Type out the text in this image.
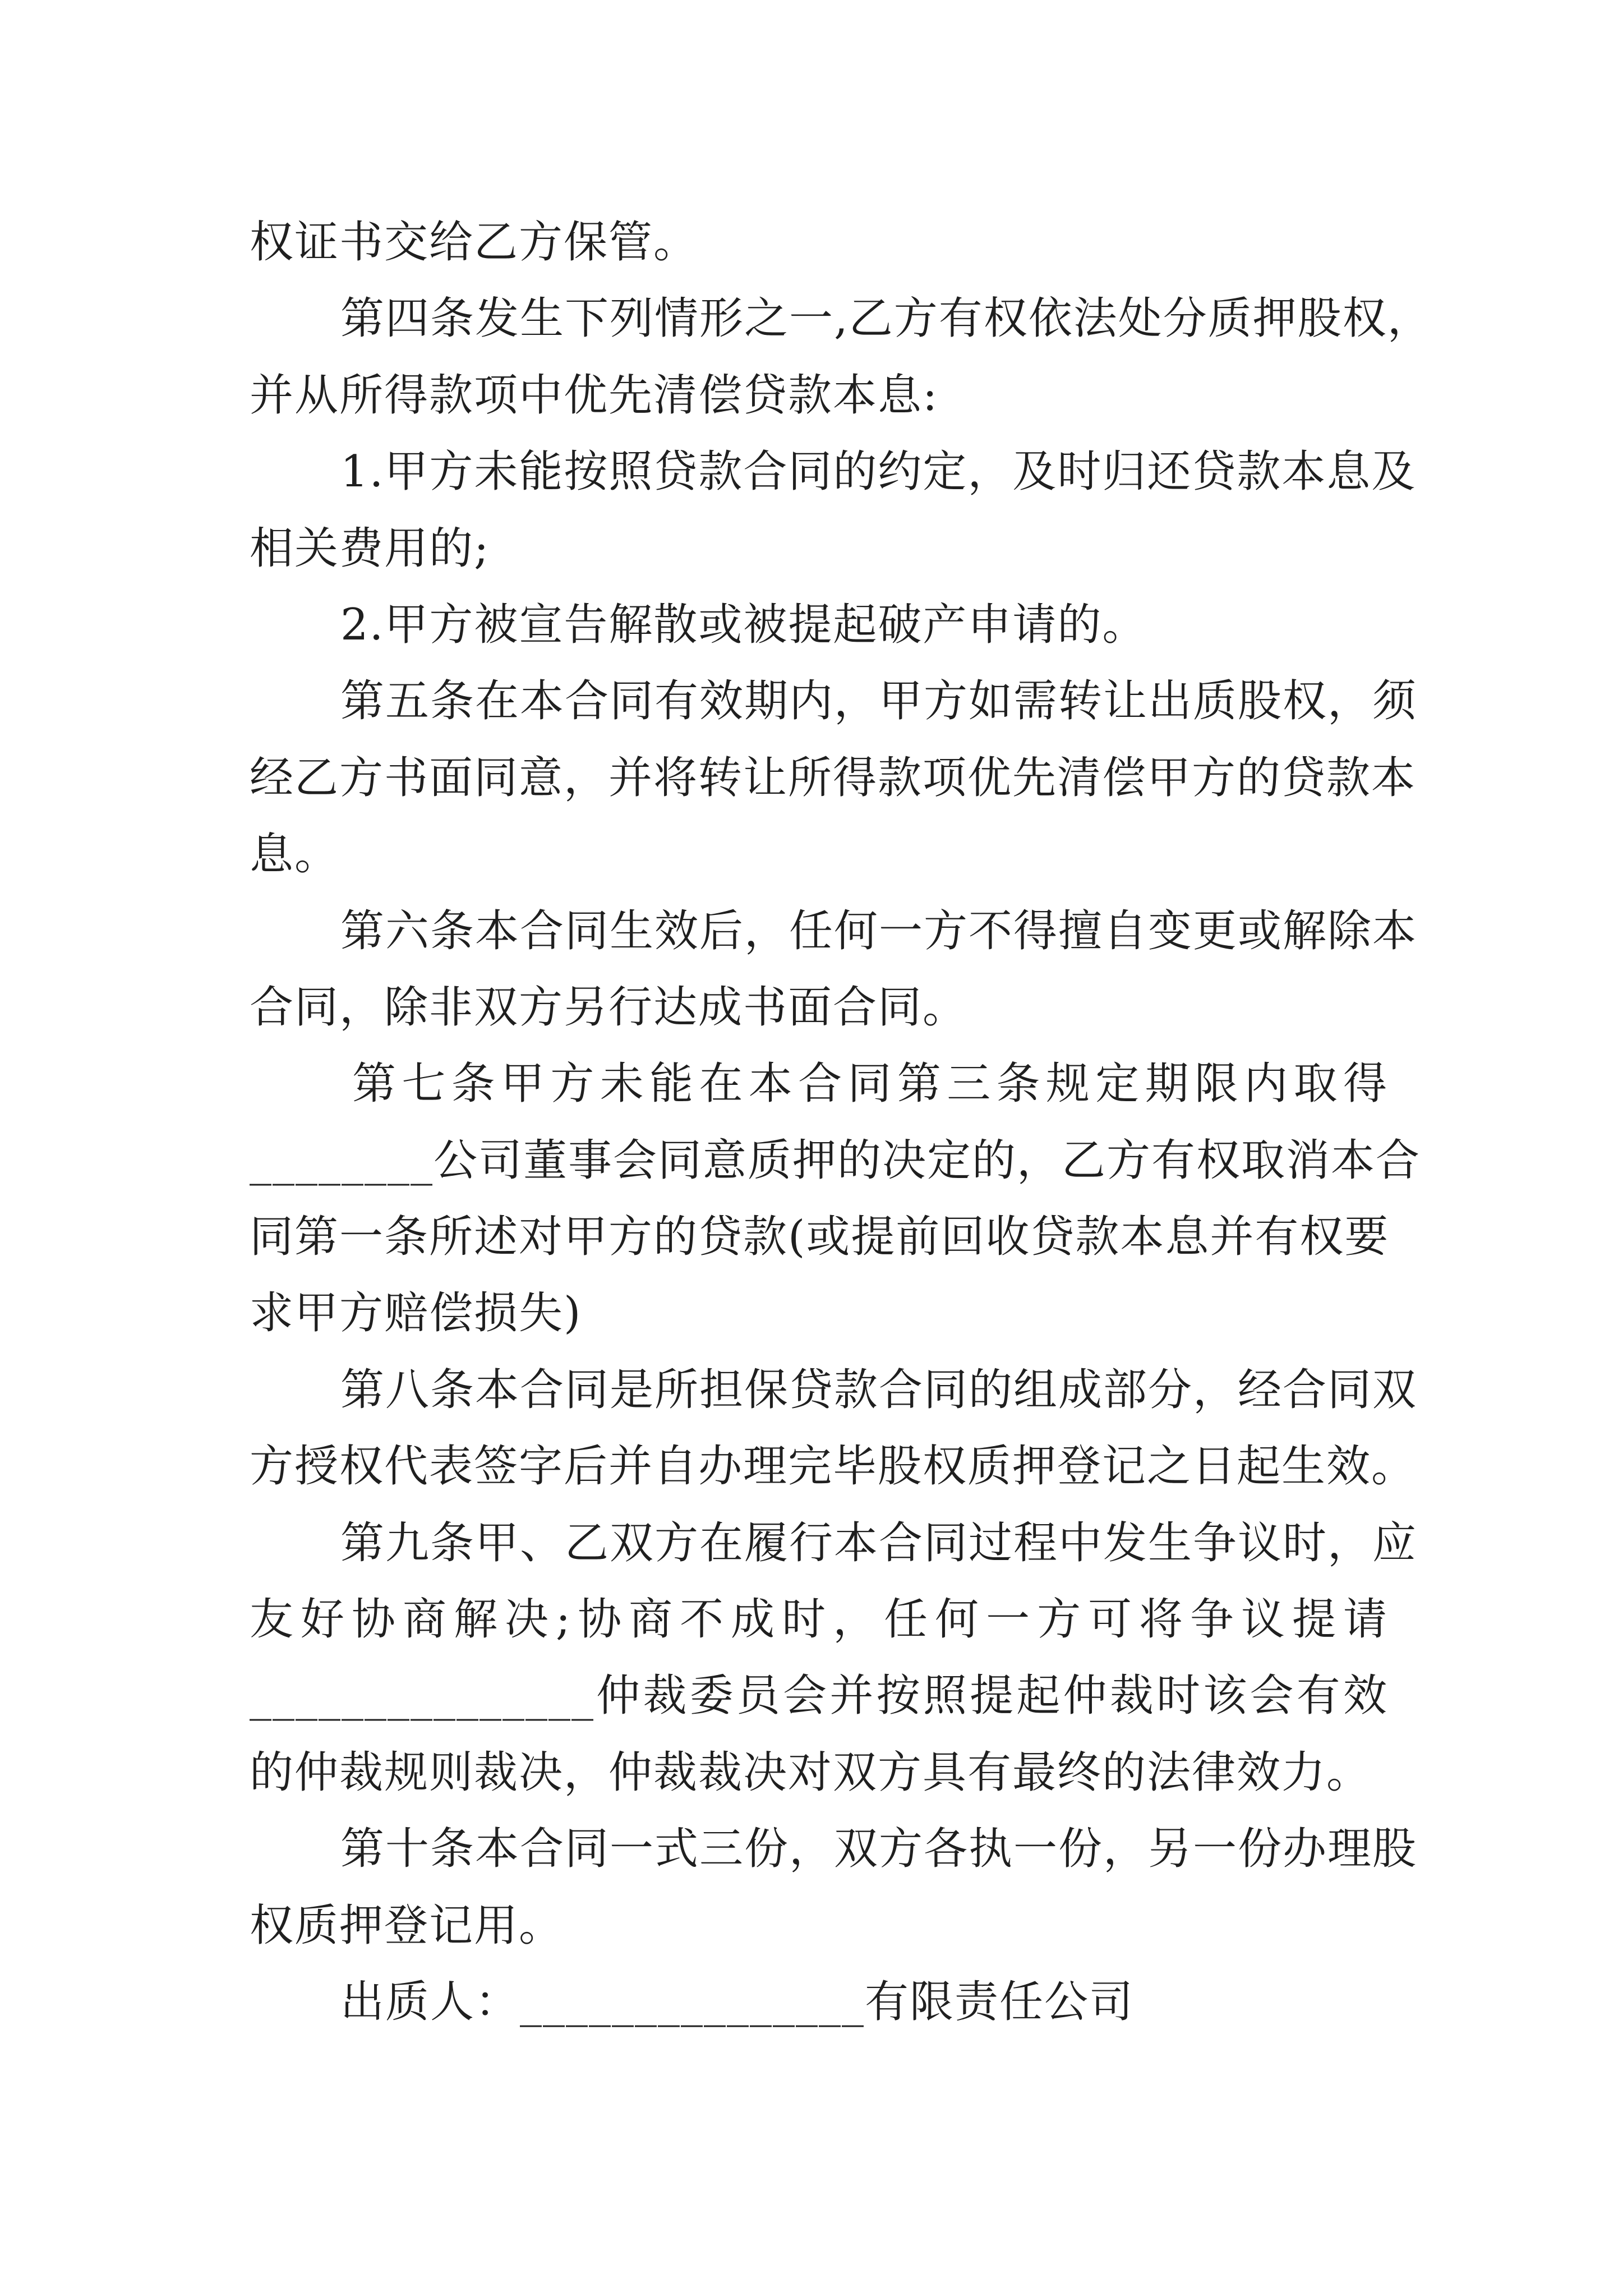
权证书交给乙方保管。
第四条发生下列情形之一,乙方有权依法处分质押股权，
并从所得款项中优先清偿贷款本息:
1.甲方未能按照贷款合同的约定，及时归还贷款本息及
相关费用的;
2.甲方被宣告解散或被提起破产申请的。
第五条在本合同有效期内，甲方如需转让出质股权，须
经乙方书面同意，并将转让所得款项优先清偿甲方的贷款本
息。
第六条本合同生效后，任何一方不得擅自变更或解除本
合同，除非双方另行达成书面合同。
第七条甲方未能在本合同第三条规定期限内取得
________公司董事会同意质押的决定的，乙方有权取消本合
同第一条所述对甲方的贷款(或提前回收贷款本息并有权要
求甲方赔偿损失)
第八条本合同是所担保贷款合同的组成部分，经合同双
方授权代表签字后并自办理完毕股权质押登记之日起生效。
第九条甲、乙双方在履行本合同过程中发生争议时，应
友好协商解决;协商不成时，任何一方可将争议提请
_______________仲裁委员会并按照提起仲裁时该会有效
的仲裁规则裁决，仲裁裁决对双方具有最终的法律效力。
第十条本合同一式三份，双方各执一份，另一份办理股
权质押登记用。
出质人：_______________有限责任公司
